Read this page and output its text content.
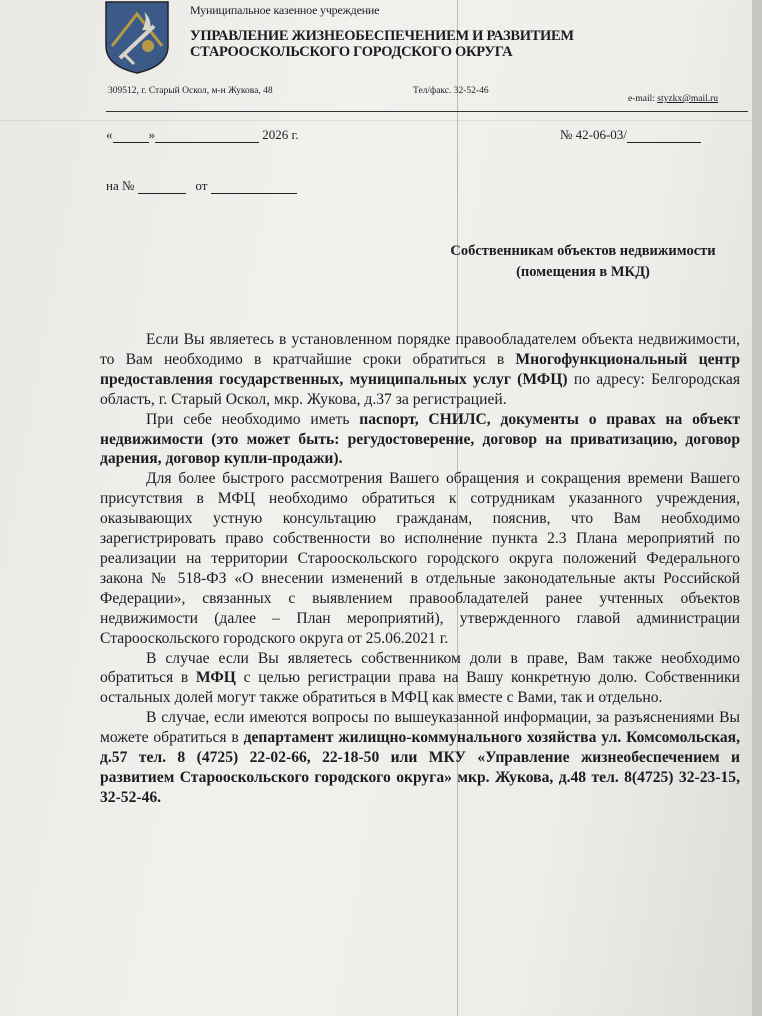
Муниципальное казенное учреждение
УПРАВЛЕНИЕ ЖИЗНЕОБЕСПЕЧЕНИЕМ И РАЗВИТИЕМ
СТАРООСКОЛЬСКОГО ГОРОДСКОГО ОКРУГА
309512, г. Старый Оскол, м-н Жукова, 48	Тел/факс. 32-52-46
e-mail: styzkx@mail.ru
«	»	2026 г.	№ 42-06-03/
на №	от
Собственникам объектов недвижимости
(помещения в МКД)

Если Вы являетесь в установленном порядке правообладателем объекта недвижимости, то Вам необходимо в кратчайшие сроки обратиться в Многофункциональный центр предоставления государственных, муниципальных услуг (МФЦ) по адресу: Белгородская область, г. Старый Оскол, мкр. Жукова, д.37 за регистрацией.

При себе необходимо иметь паспорт, СНИЛС, документы о правах на объект недвижимости (это может быть: регудостоверение, договор на приватизацию, договор дарения, договор купли-продажи).

Для более быстрого рассмотрения Вашего обращения и сокращения времени Вашего присутствия в МФЦ необходимо обратиться к сотрудникам указанного учреждения, оказывающих устную консультацию гражданам, пояснив, что Вам необходимо зарегистрировать право собственности во исполнение пункта 2.3 Плана мероприятий по реализации на территории Старооскольского городского округа положений Федерального закона № 518-ФЗ «О внесении изменений в отдельные законодательные акты Российской Федерации», связанных с выявлением правообладателей ранее учтенных объектов недвижимости (далее – План мероприятий), утвержденного главой администрации Старооскольского городского округа от 25.06.2021 г.

В случае если Вы являетесь собственником доли в праве, Вам также необходимо обратиться в МФЦ с целью регистрации права на Вашу конкретную долю. Собственники остальных долей могут также обратиться в МФЦ как вместе с Вами, так и отдельно.

В случае, если имеются вопросы по вышеуказанной информации, за разъяснениями Вы можете обратиться в департамент жилищно-коммунального хозяйства ул. Комсомольская, д.57 тел. 8 (4725) 22-02-66, 22-18-50 или МКУ «Управление жизнеобеспечением и развитием Старооскольского городского округа» мкр. Жукова, д.48 тел. 8(4725) 32-23-15, 32-52-46.
